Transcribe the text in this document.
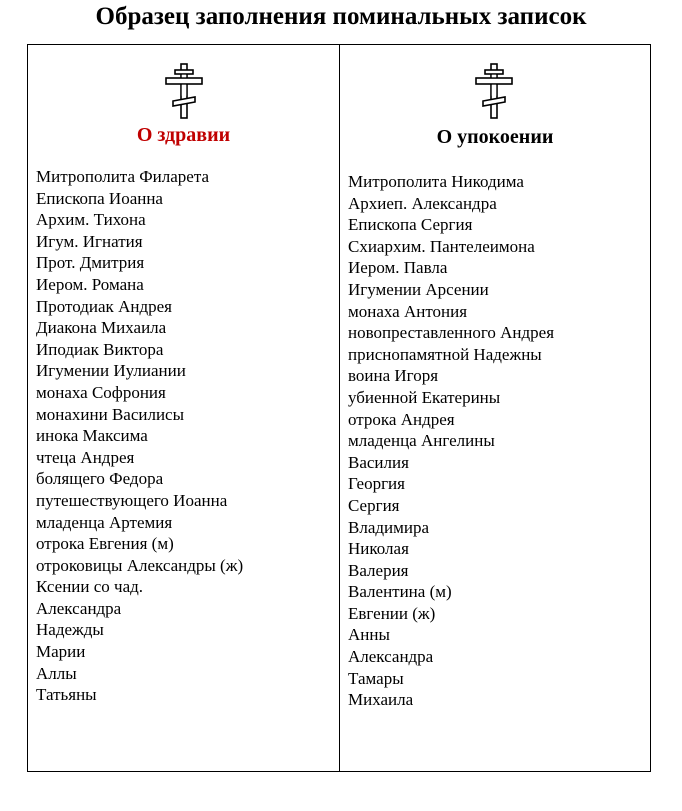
Образец заполнения поминальных записок
О здравии
Митрополита Филарета
Епископа Иоанна
Архим. Тихона
Игум. Игнатия
Прот. Дмитрия
Иером. Романа
Протодиак Андрея
Диакона Михаила
Иподиак Виктора
Игумении Иулиании
монаха Софрония
монахини Василисы
инока Максима
чтеца Андрея
болящего Федора
путешествующего Иоанна
младенца Артемия
отрока Евгения (м)
отроковицы Александры (ж)
Ксении со чад.
Александра
Надежды
Марии
Аллы
Татьяны
О упокоении
Митрополита Никодима
Архиеп. Александра
Епископа Сергия
Схиархим. Пантелеимона
Иером. Павла
Игумении Арсении
монаха Антония
новопреставленного Андрея
приснопамятной Надежны
воина Игоря
убиенной Екатерины
отрока Андрея
младенца Ангелины
Василия
Георгия
Сергия
Владимира
Николая
Валерия
Валентина (м)
Евгении (ж)
Анны
Александра
Тамары
Михаила
